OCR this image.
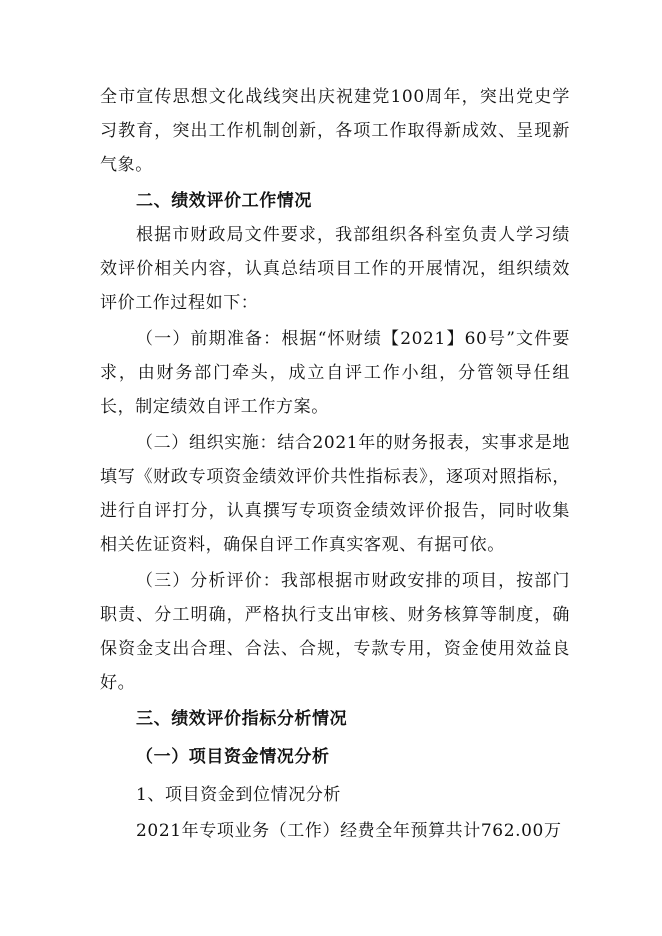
全市宣传思想文化战线突出庆祝建党100周年，突出党史学习教育，突出工作机制创新，各项工作取得新成效、呈现新气象。

二、绩效评价工作情况

根据市财政局文件要求，我部组织各科室负责人学习绩效评价相关内容，认真总结项目工作的开展情况，组织绩效评价工作过程如下：

（一）前期准备：根据“怀财绩【2021】60号”文件要求，由财务部门牵头，成立自评工作小组，分管领导任组长，制定绩效自评工作方案。

（二）组织实施：结合2021年的财务报表，实事求是地填写《财政专项资金绩效评价共性指标表》，逐项对照指标，进行自评打分，认真撰写专项资金绩效评价报告，同时收集相关佐证资料，确保自评工作真实客观、有据可依。

（三）分析评价：我部根据市财政安排的项目，按部门职责、分工明确，严格执行支出审核、财务核算等制度，确保资金支出合理、合法、合规，专款专用，资金使用效益良好。

三、绩效评价指标分析情况

（一）项目资金情况分析

1、项目资金到位情况分析

2021年专项业务（工作）经费全年预算共计762.00万
